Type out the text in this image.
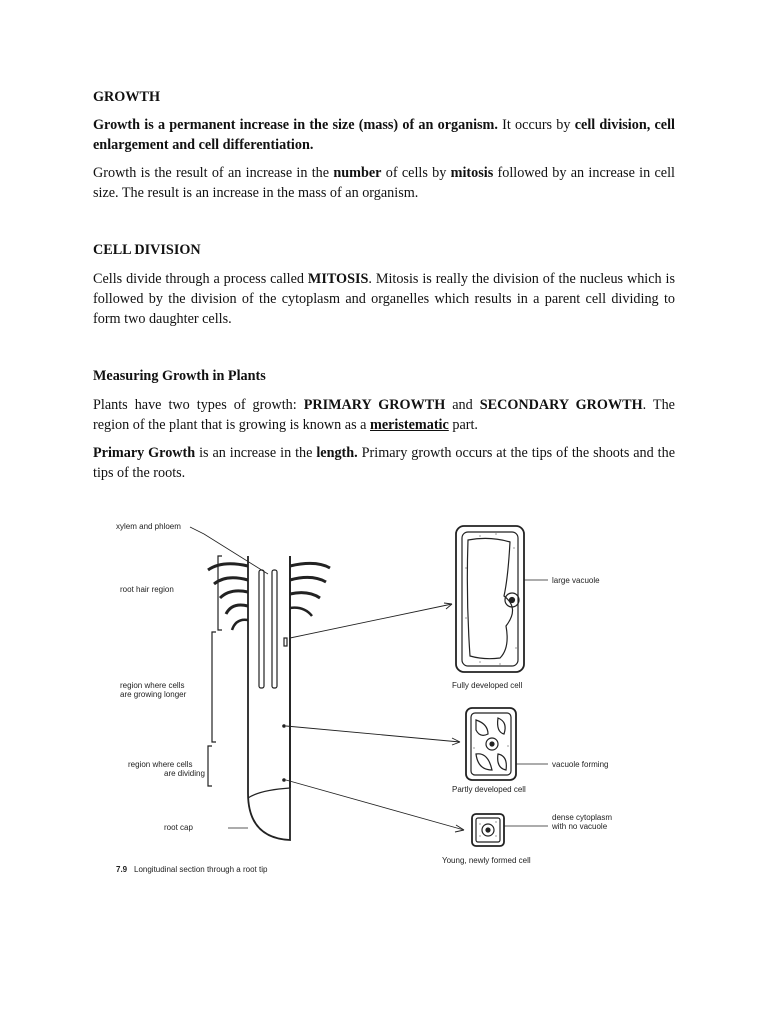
GROWTH
Growth is a permanent increase in the size (mass) of an organism. It occurs by cell division, cell enlargement and cell differentiation.
Growth is the result of an increase in the number of cells by mitosis followed by an increase in cell size. The result is an increase in the mass of an organism.
CELL DIVISION
Cells divide through a process called MITOSIS. Mitosis is really the division of the nucleus which is followed by the division of the cytoplasm and organelles which results in a parent cell dividing to form two daughter cells.
Measuring Growth in Plants
Plants have two types of growth: PRIMARY GROWTH and SECONDARY GROWTH. The region of the plant that is growing is known as a meristematic part.
Primary Growth is an increase in the length. Primary growth occurs at the tips of the shoots and the tips of the roots.
xylem and phloem
root hair region
region where cells
are growing longer
region where cells
are dividing
root cap
large vacuole
vacuole forming
dense cytoplasm
with no vacuole
Fully developed cell
Partly developed cell
Young, newly formed cell
7.9 Longitudinal section through a root tip
